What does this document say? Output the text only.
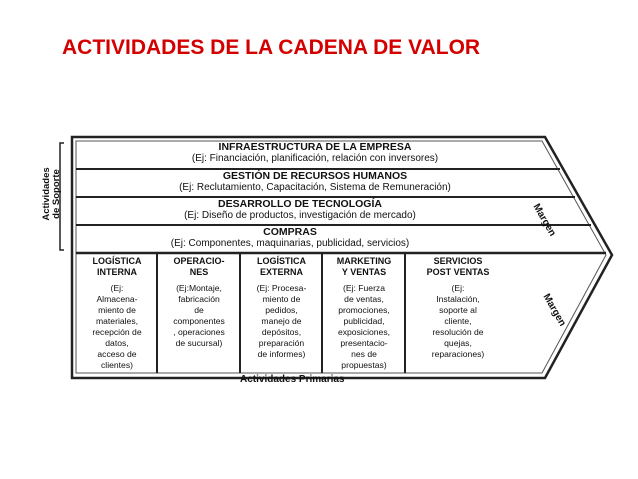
ACTIVIDADES DE LA CADENA DE VALOR
Actividades de Soporte
INFRAESTRUCTURA DE LA EMPRESA
(Ej: Financiación, planificación, relación con inversores)
GESTIÓN DE RECURSOS HUMANOS
(Ej: Reclutamiento, Capacitación, Sistema de Remuneración)
DESARROLLO DE TECNOLOGÍA
(Ej: Diseño de productos, investigación de mercado)
COMPRAS
(Ej: Componentes, maquinarias, publicidad, servicios)
LOGÍSTICA
INTERNA
(Ej:
Almacena-
miento de
materiales,
recepción de
datos,
acceso de
clientes)
OPERACIO-
NES
(Ej:Montaje,
fabricación
de
componentes
, operaciones
de sucursal)
LOGÍSTICA
EXTERNA
(Ej: Procesa-
miento de
pedidos,
manejo de
depósitos,
preparación
de informes)
MARKETING
Y VENTAS
(Ej: Fuerza
de ventas,
promociones,
publicidad,
exposiciones,
presentacio-
nes de
propuestas)
SERVICIOS
POST VENTAS
(Ej:
Instalación,
soporte al
cliente,
resolución de
quejas,
reparaciones)
Margen
Margen
Actividades Primarias
